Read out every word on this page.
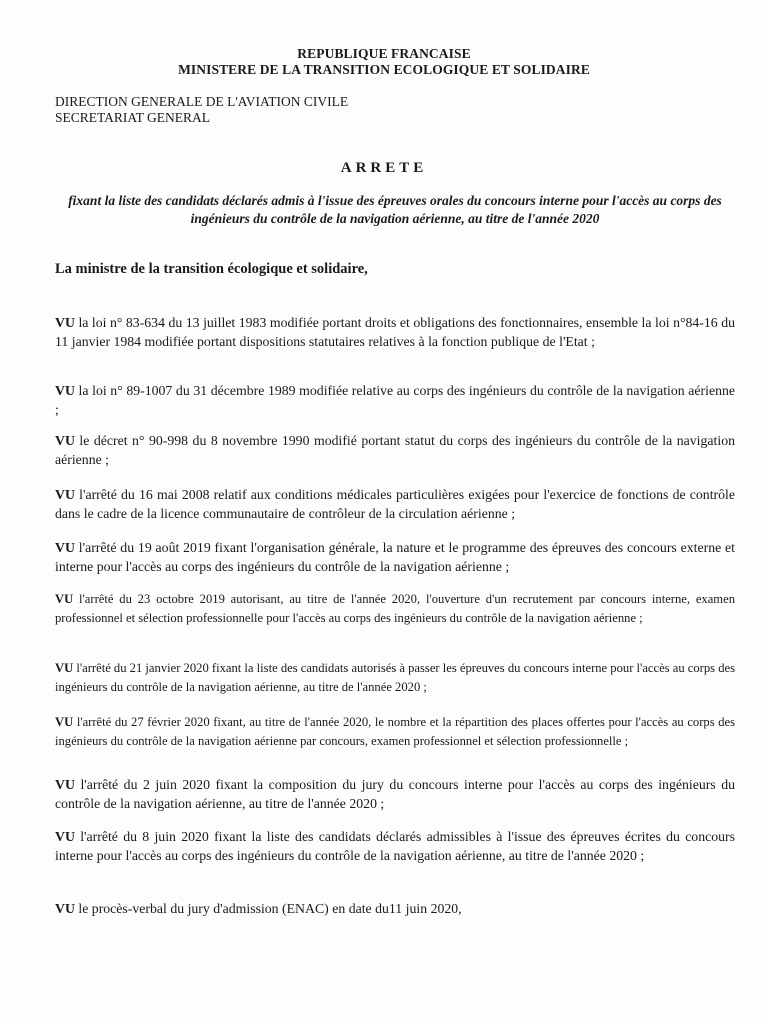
REPUBLIQUE FRANCAISE
MINISTERE DE LA TRANSITION ECOLOGIQUE ET SOLIDAIRE
DIRECTION GENERALE DE L'AVIATION CIVILE
SECRETARIAT GENERAL
ARRETE
fixant la liste des candidats déclarés admis à l'issue des épreuves orales du concours interne pour l'accès au corps des ingénieurs du contrôle de la navigation aérienne, au titre de l'année 2020
La ministre de la transition écologique et solidaire,
VU la loi n° 83-634 du 13 juillet 1983 modifiée portant droits et obligations des fonctionnaires, ensemble la loi n°84-16 du 11 janvier 1984 modifiée portant dispositions statutaires relatives à la fonction publique de l'Etat ;
VU la loi n° 89-1007 du 31 décembre 1989 modifiée relative au corps des ingénieurs du contrôle de la navigation aérienne ;
VU le décret n° 90-998 du 8 novembre 1990 modifié portant statut du corps des ingénieurs du contrôle de la navigation aérienne ;
VU l'arrêté du 16 mai 2008 relatif aux conditions médicales particulières exigées pour l'exercice de fonctions de contrôle dans le cadre de la licence communautaire de contrôleur de la circulation aérienne ;
VU l'arrêté du 19 août 2019 fixant l'organisation générale, la nature et le programme des épreuves des concours externe et interne pour l'accès au corps des ingénieurs du contrôle de la navigation aérienne ;
VU l'arrêté du 23 octobre 2019 autorisant, au titre de l'année 2020, l'ouverture d'un recrutement par concours interne, examen professionnel et sélection professionnelle pour l'accès au corps des ingénieurs du contrôle de la navigation aérienne ;
VU l'arrêté du 21 janvier 2020 fixant la liste des candidats autorisés à passer les épreuves du concours interne pour l'accès au corps des ingénieurs du contrôle de la navigation aérienne, au titre de l'année 2020 ;
VU l'arrêté du 27 février 2020 fixant, au titre de l'année 2020, le nombre et la répartition des places offertes pour l'accès au corps des ingénieurs du contrôle de la navigation aérienne par concours, examen professionnel et sélection professionnelle ;
VU l'arrêté du 2 juin 2020 fixant la composition du jury du concours interne pour l'accès au corps des ingénieurs du contrôle de la navigation aérienne, au titre de l'année 2020 ;
VU l'arrêté du 8 juin 2020 fixant la liste des candidats déclarés admissibles à l'issue des épreuves écrites du concours interne pour l'accès au corps des ingénieurs du contrôle de la navigation aérienne, au titre de l'année 2020 ;
VU le procès-verbal du jury d'admission (ENAC) en date du11 juin 2020,
